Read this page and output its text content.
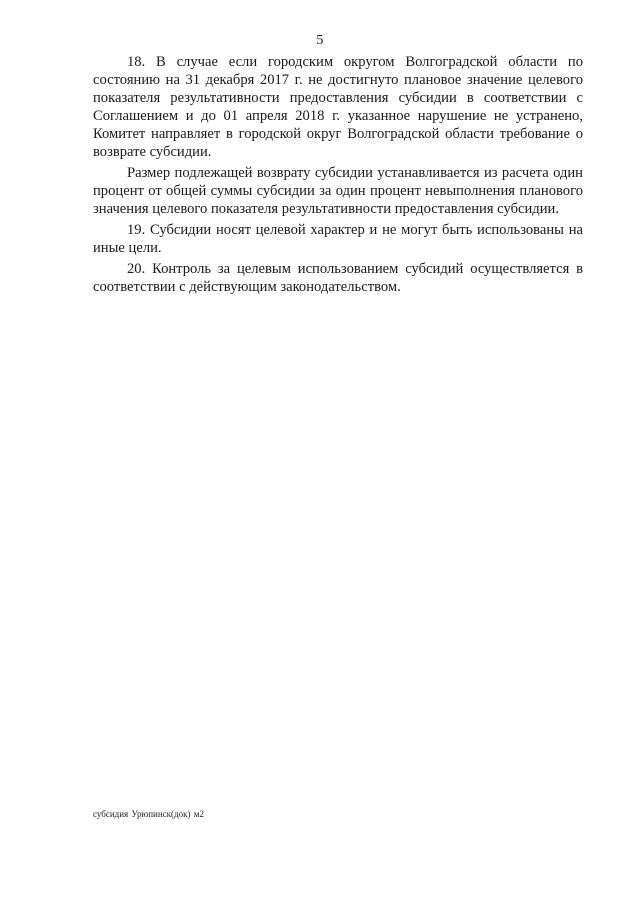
5

18. В случае если городским округом Волгоградской области по состоянию на 31 декабря 2017 г. не достигнуто плановое значение целевого показателя результативности предоставления субсидии в соответствии с Соглашением и до 01 апреля 2018 г. указанное нарушение не устранено, Комитет направляет в городской округ Волгоградской области требование о возврате субсидии.

Размер подлежащей возврату субсидии устанавливается из расчета один процент от общей суммы субсидии за один процент невыполнения планового значения целевого показателя результативности предоставления субсидии.

19. Субсидии носят целевой характер и не могут быть использованы на иные цели.

20. Контроль за целевым использованием субсидий осуществляется в соответствии с действующим законодательством.

субсидия Урюпинск(док) м2
